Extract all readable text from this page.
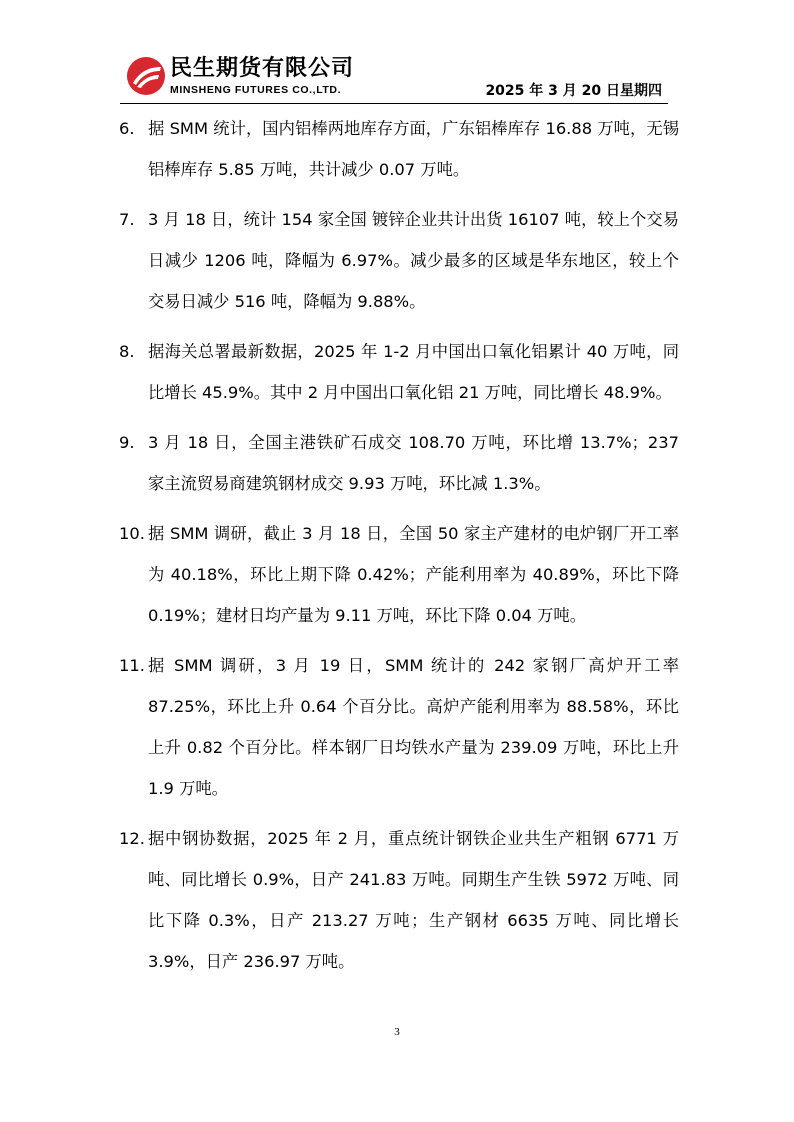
民生期货有限公司
MINSHENG FUTURES CO.,LTD.	2025 年 3 月 20 日星期四
6. 据 SMM 统计，国内铝棒两地库存方面，广东铝棒库存 16.88 万吨，无锡铝棒库存 5.85 万吨，共计减少 0.07 万吨。
7. 3 月 18 日，统计 154 家全国 镀锌企业共计出货 16107 吨，较上个交易日减少 1206 吨，降幅为 6.97%。减少最多的区域是华东地区，较上个交易日减少 516 吨，降幅为 9.88%。
8. 据海关总署最新数据，2025 年 1-2 月中国出口氧化铝累计 40 万吨，同比增长 45.9%。其中 2 月中国出口氧化铝 21 万吨，同比增长 48.9%。
9. 3 月 18 日，全国主港铁矿石成交 108.70 万吨，环比增 13.7%；237 家主流贸易商建筑钢材成交 9.93 万吨，环比减 1.3%。
10. 据 SMM 调研，截止 3 月 18 日，全国 50 家主产建材的电炉钢厂开工率为 40.18%，环比上期下降 0.42%；产能利用率为 40.89%，环比下降 0.19%；建材日均产量为 9.11 万吨，环比下降 0.04 万吨。
11. 据 SMM 调研，3 月 19 日，SMM 统计的 242 家钢厂高炉开工率 87.25%，环比上升 0.64 个百分比。高炉产能利用率为 88.58%，环比上升 0.82 个百分比。样本钢厂日均铁水产量为 239.09 万吨，环比上升 1.9 万吨。
12. 据中钢协数据，2025 年 2 月，重点统计钢铁企业共生产粗钢 6771 万吨、同比增长 0.9%，日产 241.83 万吨。同期生产生铁 5972 万吨、同比下降 0.3%，日产 213.27 万吨；生产钢材 6635 万吨、同比增长 3.9%，日产 236.97 万吨。
3
